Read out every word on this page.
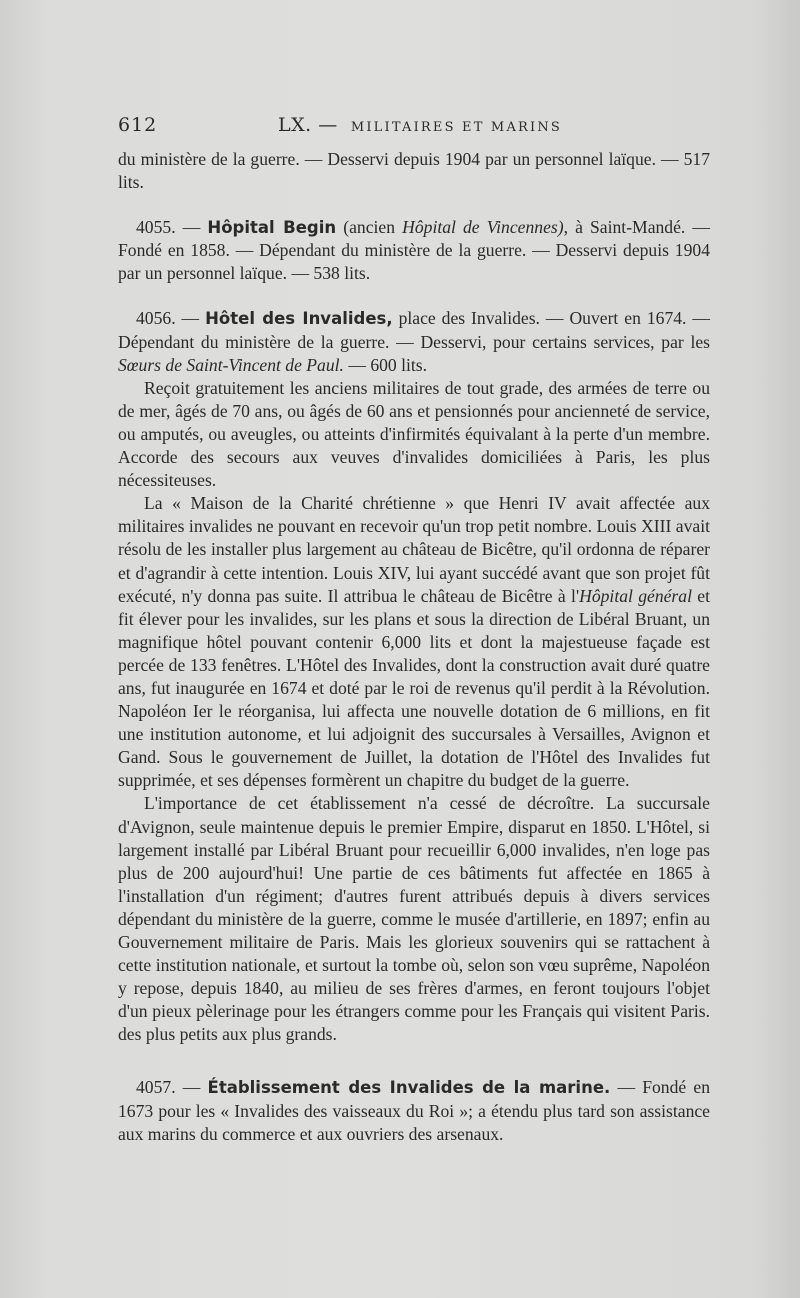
612	LX. — MILITAIRES ET MARINS

du ministère de la guerre. — Desservi depuis 1904 par un personnel laïque. — 517 lits.

4055. — Hôpital Begin (ancien Hôpital de Vincennes), à Saint-Mandé. — Fondé en 1858. — Dépendant du ministère de la guerre. — Desservi depuis 1904 par un personnel laïque. — 538 lits.

4056. — Hôtel des Invalides, place des Invalides. — Ouvert en 1674. — Dépendant du ministère de la guerre. — Desservi, pour certains services, par les Sœurs de Saint-Vincent de Paul. — 600 lits.

Reçoit gratuitement les anciens militaires de tout grade, des armées de terre ou de mer, âgés de 70 ans, ou âgés de 60 ans et pensionnés pour ancienneté de service, ou amputés, ou aveugles, ou atteints d'infirmités équivalant à la perte d'un membre. Accorde des secours aux veuves d'invalides domiciliées à Paris, les plus nécessiteuses.

La « Maison de la Charité chrétienne » que Henri IV avait affectée aux militaires invalides ne pouvant en recevoir qu'un trop petit nombre. Louis XIII avait résolu de les installer plus largement au château de Bicêtre, qu'il ordonna de réparer et d'agrandir à cette intention. Louis XIV, lui ayant succédé avant que son projet fût exécuté, n'y donna pas suite. Il attribua le château de Bicêtre à l'Hôpital général et fit élever pour les invalides, sur les plans et sous la direction de Libéral Bruant, un magnifique hôtel pouvant contenir 6,000 lits et dont la majestueuse façade est percée de 133 fenêtres. L'Hôtel des Invalides, dont la construction avait duré quatre ans, fut inaugurée en 1674 et doté par le roi de revenus qu'il perdit à la Révolution. Napoléon Ier le réorganisa, lui affecta une nouvelle dotation de 6 millions, en fit une institution autonome, et lui adjoignit des succursales à Versailles, Avignon et Gand. Sous le gouvernement de Juillet, la dotation de l'Hôtel des Invalides fut supprimée, et ses dépenses formèrent un chapitre du budget de la guerre.

L'importance de cet établissement n'a cessé de décroître. La succursale d'Avignon, seule maintenue depuis le premier Empire, disparut en 1850. L'Hôtel, si largement installé par Libéral Bruant pour recueillir 6,000 invalides, n'en loge pas plus de 200 aujourd'hui! Une partie de ces bâtiments fut affectée en 1865 à l'installation d'un régiment; d'autres furent attribués depuis à divers services dépendant du ministère de la guerre, comme le musée d'artillerie, en 1897; enfin au Gouvernement militaire de Paris. Mais les glorieux souvenirs qui se rattachent à cette institution nationale, et surtout la tombe où, selon son vœu suprême, Napoléon y repose, depuis 1840, au milieu de ses frères d'armes, en feront toujours l'objet d'un pieux pèlerinage pour les étrangers comme pour les Français qui visitent Paris. des plus petits aux plus grands.

4057. — Établissement des Invalides de la marine. — Fondé en 1673 pour les « Invalides des vaisseaux du Roi »; a étendu plus tard son assistance aux marins du commerce et aux ouvriers des arsenaux.
